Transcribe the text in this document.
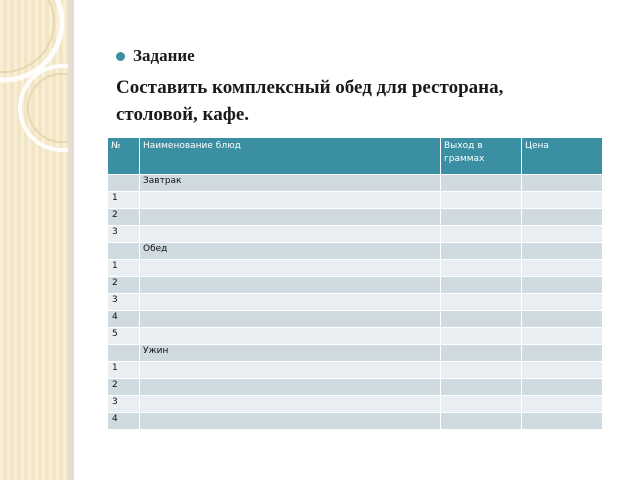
Задание
Составить комплексный обед для ресторана, столовой, кафе.
№	Наименование блюд	Выход в граммах	Цена
	Завтрак		
1			
2			
3			
	Обед		
1			
2			
3			
4			
5			
	Ужин		
1			
2			
3			
4			
